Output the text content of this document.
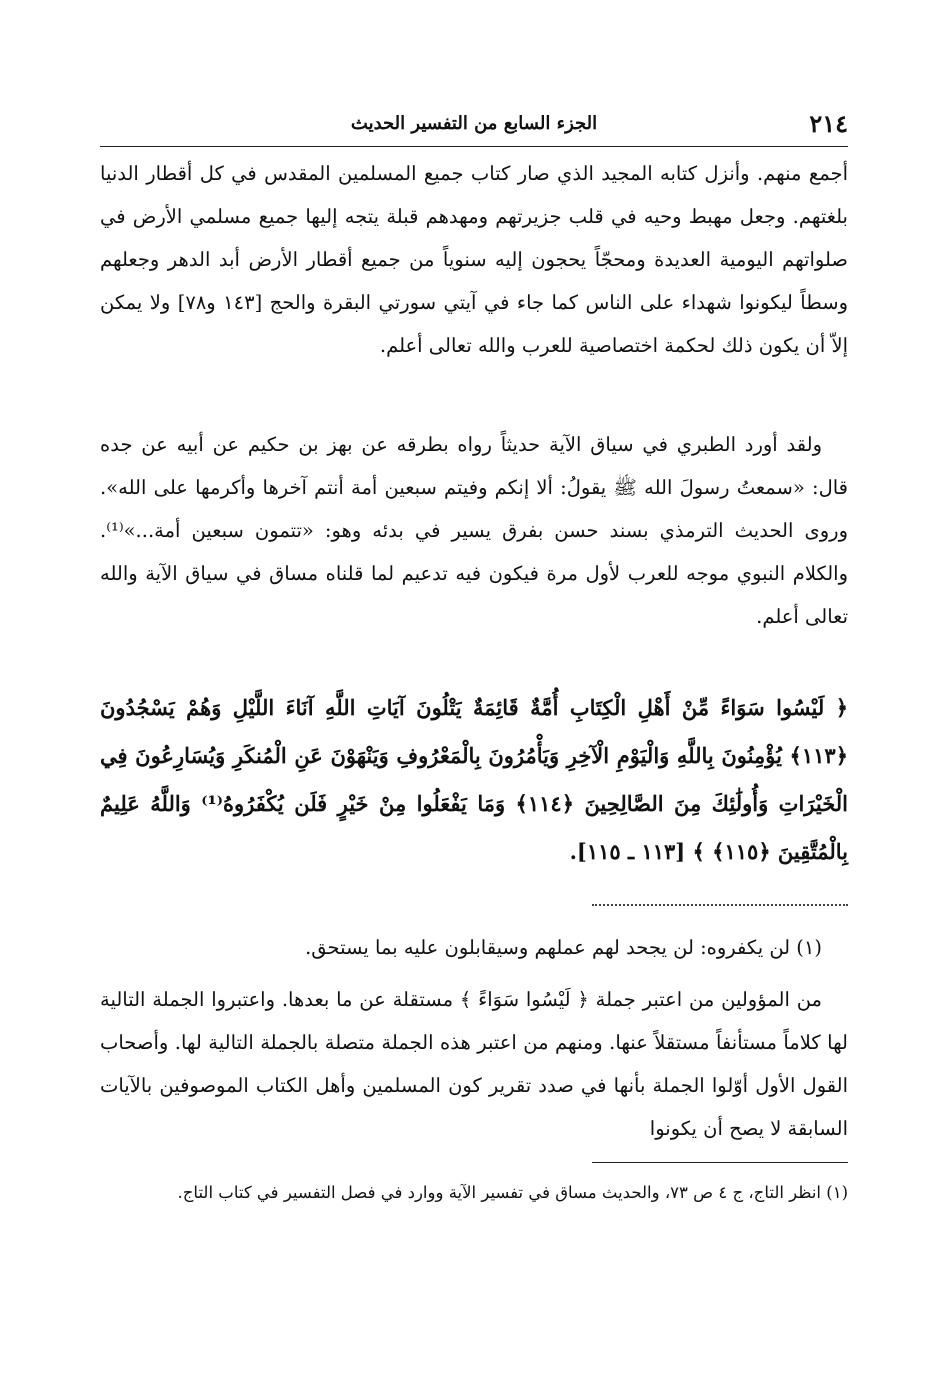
٢١٤
الجزء السابع من التفسير الحديث

أجمع منهم. وأنزل كتابه المجيد الذي صار كتاب جميع المسلمين المقدس في كل أقطار الدنيا بلغتهم. وجعل مهبط وحيه في قلب جزيرتهم ومهدهم قبلة يتجه إليها جميع مسلمي الأرض في صلواتهم اليومية العديدة ومحجّاً يحجون إليه سنوياً من جميع أقطار الأرض أبد الدهر وجعلهم وسطاً ليكونوا شهداء على الناس كما جاء في آيتي سورتي البقرة والحج [١٤٣ و٧٨] ولا يمكن إلاّ أن يكون ذلك لحكمة اختصاصية للعرب والله تعالى أعلم.

ولقد أورد الطبري في سياق الآية حديثاً رواه بطرقه عن بهز بن حكيم عن أبيه عن جده قال: «سمعتُ رسولَ الله ﷺ يقولُ: ألا إنكم وفيتم سبعين أمة أنتم آخرها وأكرمها على الله». وروى الحديث الترمذي بسند حسن بفرق يسير في بدئه وهو: «تتمون سبعين أمة...»⁽¹⁾. والكلام النبوي موجه للعرب لأول مرة فيكون فيه تدعيم لما قلناه مساق في سياق الآية والله تعالى أعلم.

﴿ لَيْسُوا سَوَاءً مِّنْ أَهْلِ الْكِتَابِ أُمَّةٌ قَائِمَةٌ يَتْلُونَ آيَاتِ اللَّهِ آنَاءَ اللَّيْلِ وَهُمْ يَسْجُدُونَ ﴿١١٣﴾ يُؤْمِنُونَ بِاللَّهِ وَالْيَوْمِ الْآخِرِ وَيَأْمُرُونَ بِالْمَعْرُوفِ وَيَنْهَوْنَ عَنِ الْمُنكَرِ وَيُسَارِعُونَ فِي الْخَيْرَاتِ وَأُولَٰئِكَ مِنَ الصَّالِحِينَ ﴿١١٤﴾ وَمَا يَفْعَلُوا مِنْ خَيْرٍ فَلَن يُكْفَرُوهُ⁽¹⁾ وَاللَّهُ عَلِيمٌ بِالْمُتَّقِينَ ﴿١١٥﴾ ﴾ [١١٣ ـ ١١٥].

(١) لن يكفروه: لن يجحد لهم عملهم وسيقابلون عليه بما يستحق.

من المؤولين من اعتبر جملة ﴿ لَيْسُوا سَوَاءً ﴾ مستقلة عن ما بعدها. واعتبروا الجملة التالية لها كلاماً مستأنفاً مستقلاً عنها. ومنهم من اعتبر هذه الجملة متصلة بالجملة التالية لها. وأصحاب القول الأول أوّلوا الجملة بأنها في صدد تقرير كون المسلمين وأهل الكتاب الموصوفين بالآيات السابقة لا يصح أن يكونوا

(١) انظر التاج، ج ٤ ص ٧٣، والحديث مساق في تفسير الآية ووارد في فصل التفسير في كتاب التاج.
